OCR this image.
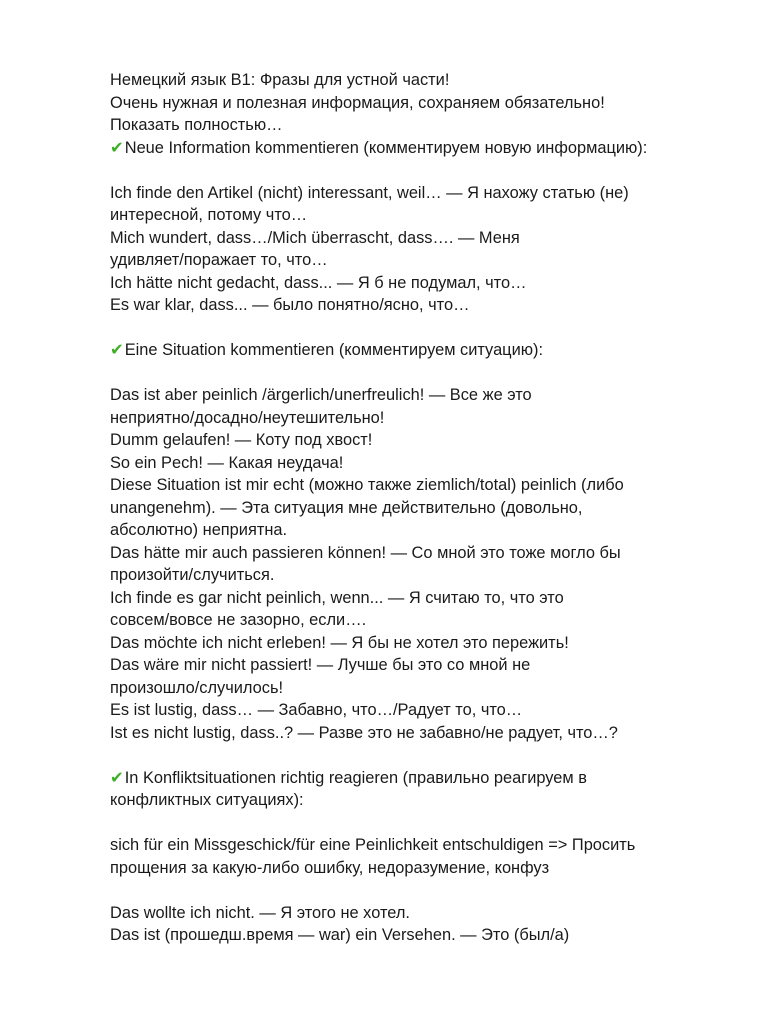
Немецкий язык B1: Фразы для устной части!
Очень нужная и полезная информация, сохраняем обязательно!
Показать полностью…
✔Neue Information kommentieren (комментируем новую информацию):
Ich finde den Artikel (nicht) interessant, weil… — Я нахожу статью (не)
интересной, потому что…
Mich wundert, dass…/Mich überrascht, dass…. — Меня
удивляет/поражает то, что…
Ich hätte nicht gedacht, dass... — Я б не подумал, что…
Es war klar, dass... — было понятно/ясно, что…
✔Eine Situation kommentieren (комментируем ситуацию):
Das ist aber peinlich /ärgerlich/unerfreulich! — Все же это
неприятно/досадно/неутешительно!
Dumm gelaufen! — Коту под хвост!
So ein Pech! — Какая неудача!
Diese Situation ist mir echt (можно также ziemlich/total) peinlich (либо
unangenehm). — Эта ситуация мне действительно (довольно,
абсолютно) неприятна.
Das hätte mir auch passieren können! — Со мной это тоже могло бы
произойти/случиться.
Ich finde es gar nicht peinlich, wenn... — Я считаю то, что это
совсем/вовсе не зазорно, если….
Das möchte ich nicht erleben! — Я бы не хотел это пережить!
Das wäre mir nicht passiert! — Лучше бы это со мной не
произошло/случилось!
Es ist lustig, dass… — Забавно, что…/Радует то, что…
Ist es nicht lustig, dass..? — Разве это не забавно/не радует, что…?
✔In Konfliktsituationen richtig reagieren (правильно реагируем в
конфликтных ситуациях):
sich für ein Missgeschick/für eine Peinlichkeit entschuldigen => Просить
прощения за какую-либо ошибку, недоразумение, конфуз
Das wollte ich nicht. — Я этого не хотел.
Das ist (прошедш.время — war) ein Versehen. — Это (был/а)
